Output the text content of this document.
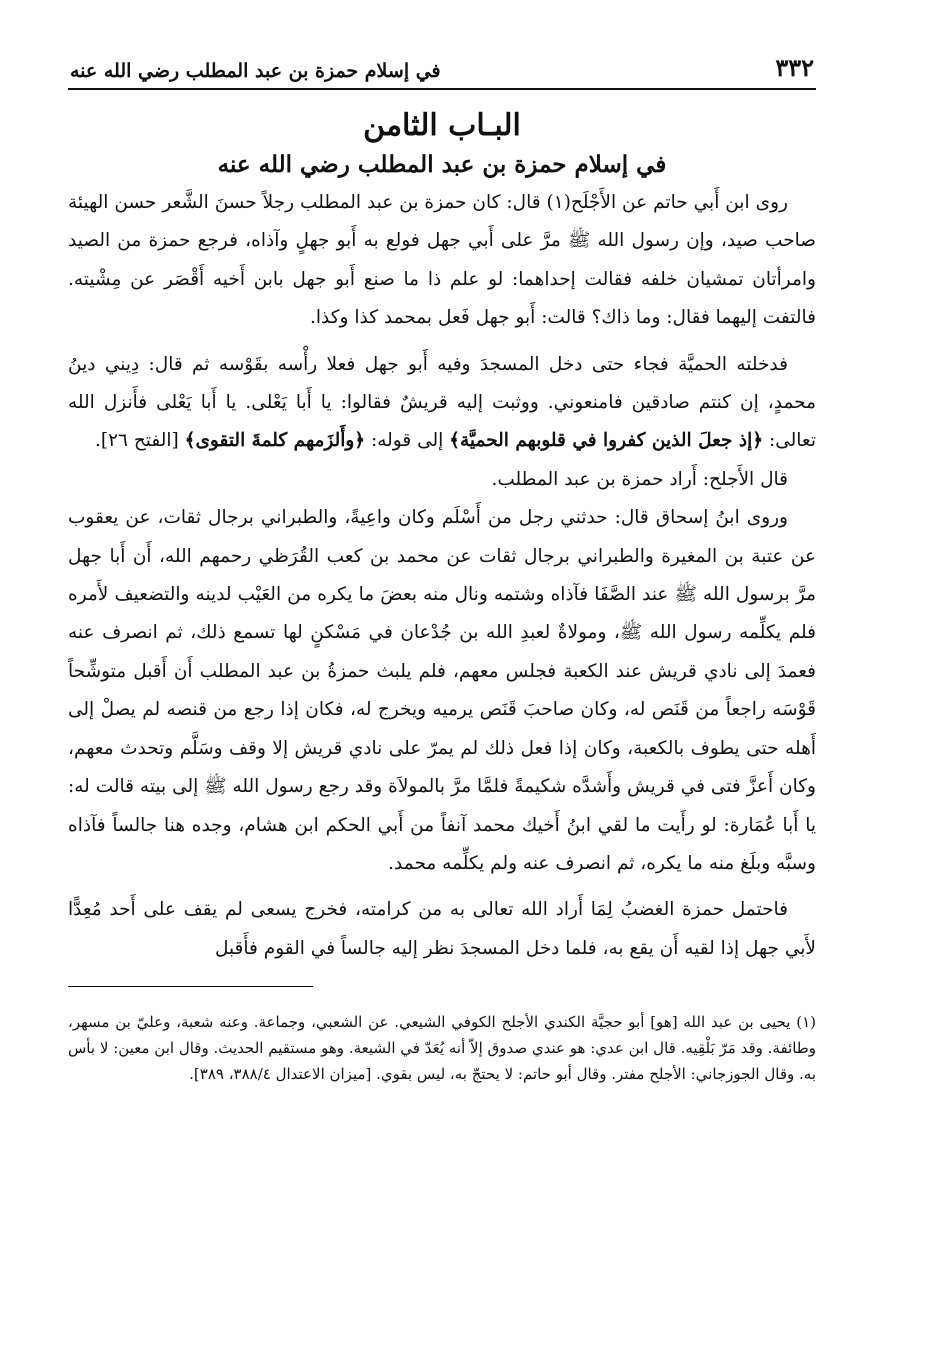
٣٣٢
في إسلام حمزة بن عبد المطلب رضي الله عنه
البـاب الثامن
في إسلام حمزة بن عبد المطلب رضي الله عنه

روى ابن أَبي حاتم عن الأَجْلَح(١) قال: كان حمزة بن عبد المطلب رجلاً حسنَ الشَّعر حسن الهيئة صاحب صيد، وإن رسول الله ﷺ مرَّ على أَبي جهل فولع به أَبو جهلٍ وآذاه، فرجع حمزة من الصيد وامرأتان تمشيان خلفه فقالت إحداهما: لو علم ذا ما صنع أَبو جهل بابن أَخيه أَقْصَر عن مِشْيته. فالتفت إليهما فقال: وما ذاك؟ قالت: أَبو جهل فَعل بمحمد كذا وكذا.

فدخلته الحميَّة فجاء حتى دخل المسجدَ وفيه أَبو جهل فعلا رأْسه بقَوْسه ثم قال: دِيني دينُ محمدٍ، إن كنتم صادقين فامنعوني. ووثبت إليه قريشٌ فقالوا: يا أَبا يَعْلى. يا أَبا يَعْلى فأَنزل الله تعالى: ﴿إذ جعلَ الذين كفروا في قلوبهم الحميَّة﴾ إلى قوله: ﴿وأَلزَمهم كلمةَ التقوى﴾ [الفتح ٢٦].

قال الأَجلح: أَراد حمزة بن عبد المطلب.

وروى ابنُ إسحاق قال: حدثني رجل من أَسْلَم وكان واعِيةً، والطبراني برجال ثقات، عن يعقوب عن عتبة بن المغيرة والطبراني برجال ثقات عن محمد بن كعب القُرَظي رحمهم الله، أَن أَبا جهل مرَّ برسول الله ﷺ عند الصَّفَا فآذاه وشتمه ونال منه بعضَ ما يكره من العَيْب لدينه والتضعيف لأَمره فلم يكلِّمه رسول الله ﷺ، ومولاةٌ لعبدِ الله بن جُدْعان في مَسْكنٍ لها تسمع ذلك، ثم انصرف عنه فعمدَ إلى نادي قريش عند الكعبة فجلس معهم، فلم يلبث حمزةُ بن عبد المطلب أَن أَقبل متوشِّحاً قَوْسَه راجعاً من قَنَص له، وكان صاحبَ قَنَص يرميه ويخرج له، فكان إذا رجع من قنصه لم يصلْ إلى أَهله حتى يطوف بالكعبة، وكان إذا فعل ذلك لم يمرّ على نادي قريش إلا وقف وسَلَّم وتحدث معهم، وكان أَعزَّ فتى في قريش وأَشدَّه شكيمةً فلمَّا مرَّ بالمولاَة وقد رجع رسول الله ﷺ إلى بيته قالت له: يا أَبا عُمَارة: لو رأَيت ما لقي ابنُ أَخيك محمد آنفاً من أَبي الحكم ابن هشام، وجده هنا جالساً فآذاه وسبَّه وبلَغ منه ما يكره، ثم انصرف عنه ولم يكلِّمه محمد.

فاحتمل حمزة الغضبُ لِمَا أَراد الله تعالى به من كرامته، فخرج يسعى لم يقف على أَحد مُعِدًّا لأَبي جهل إذا لقيه أَن يقع به، فلما دخل المسجدَ نظر إليه جالساً في القوم فأَقبل

(١) يحيى بن عبد الله [هو] أبو حجيَّة الكندي الأجلح الكوفي الشيعي. عن الشعبي، وجماعة. وعنه شعبة، وعليّ بن مسهر، وطائفة. وقد مَرّ بَلْقِيه. قال ابن عدي: هو عندي صدوق إلاّ أنه يُعَدّ في الشيعة. وهو مستقيم الحديث. وقال ابن معين: لا بأس به. وقال الجوزجاني: الأجلح مفتر. وقال أبو حاتم: لا يحتجّ به، ليس بقوي. [ميزان الاعتدال ٣٨٨/٤، ٣٨٩].
